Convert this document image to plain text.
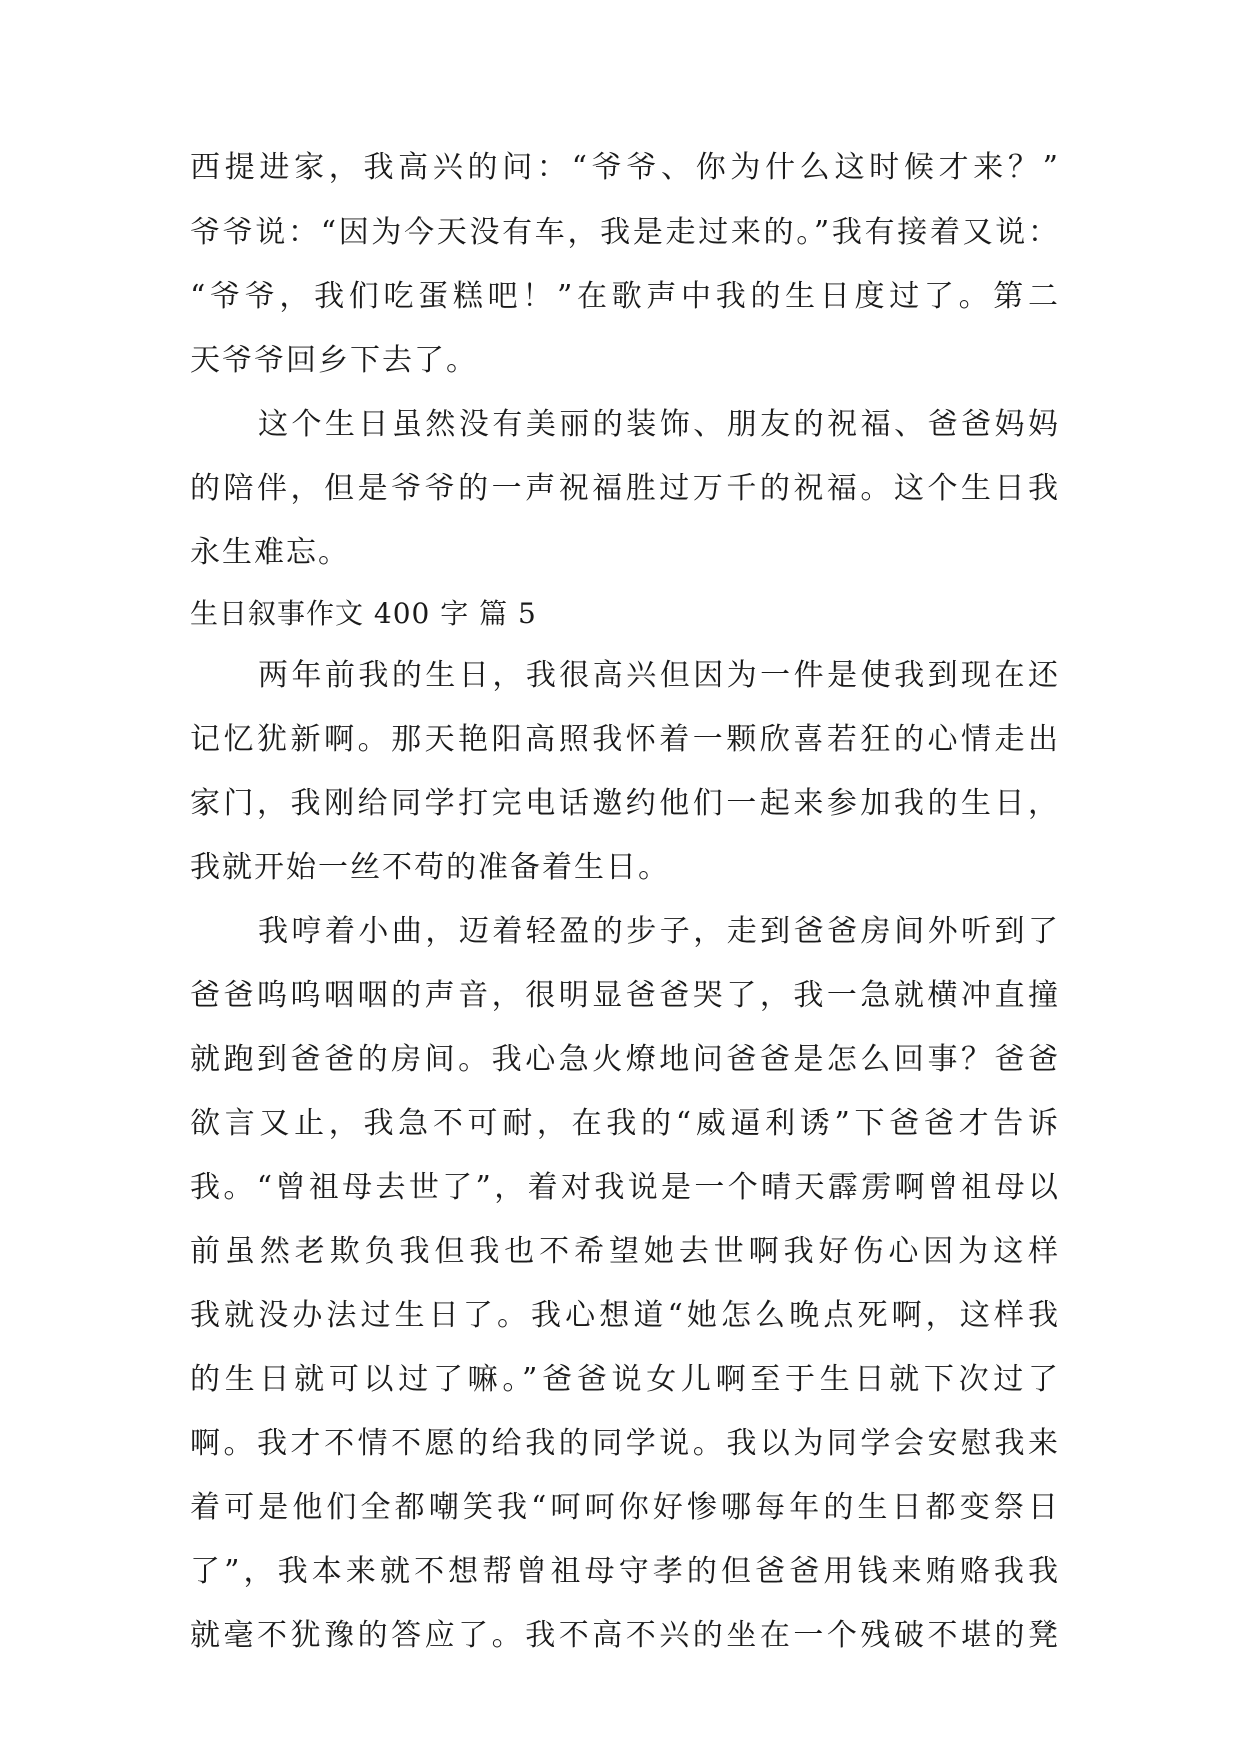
西提进家，我高兴的问：“爷爷、你为什么这时候才来？”
爷爷说：“因为今天没有车，我是走过来的。”我有接着又说：
“爷爷，我们吃蛋糕吧！”在歌声中我的生日度过了。第二
天爷爷回乡下去了。
这个生日虽然没有美丽的装饰、朋友的祝福、爸爸妈妈
的陪伴，但是爷爷的一声祝福胜过万千的祝福。这个生日我
永生难忘。
生日叙事作文 400 字 篇 5
两年前我的生日，我很高兴但因为一件是使我到现在还
记忆犹新啊。那天艳阳高照我怀着一颗欣喜若狂的心情走出
家门，我刚给同学打完电话邀约他们一起来参加我的生日，
我就开始一丝不苟的准备着生日。
我哼着小曲，迈着轻盈的步子，走到爸爸房间外听到了
爸爸呜呜咽咽的声音，很明显爸爸哭了，我一急就横冲直撞
就跑到爸爸的房间。我心急火燎地问爸爸是怎么回事？爸爸
欲言又止，我急不可耐，在我的“威逼利诱”下爸爸才告诉
我。“曾祖母去世了”，着对我说是一个晴天霹雳啊曾祖母以
前虽然老欺负我但我也不希望她去世啊我好伤心因为这样
我就没办法过生日了。我心想道“她怎么晚点死啊，这样我
的生日就可以过了嘛。”爸爸说女儿啊至于生日就下次过了
啊。我才不情不愿的给我的同学说。我以为同学会安慰我来
着可是他们全都嘲笑我“呵呵你好惨哪每年的生日都变祭日
了”，我本来就不想帮曾祖母守孝的但爸爸用钱来贿赂我我
就毫不犹豫的答应了。我不高不兴的坐在一个残破不堪的凳
